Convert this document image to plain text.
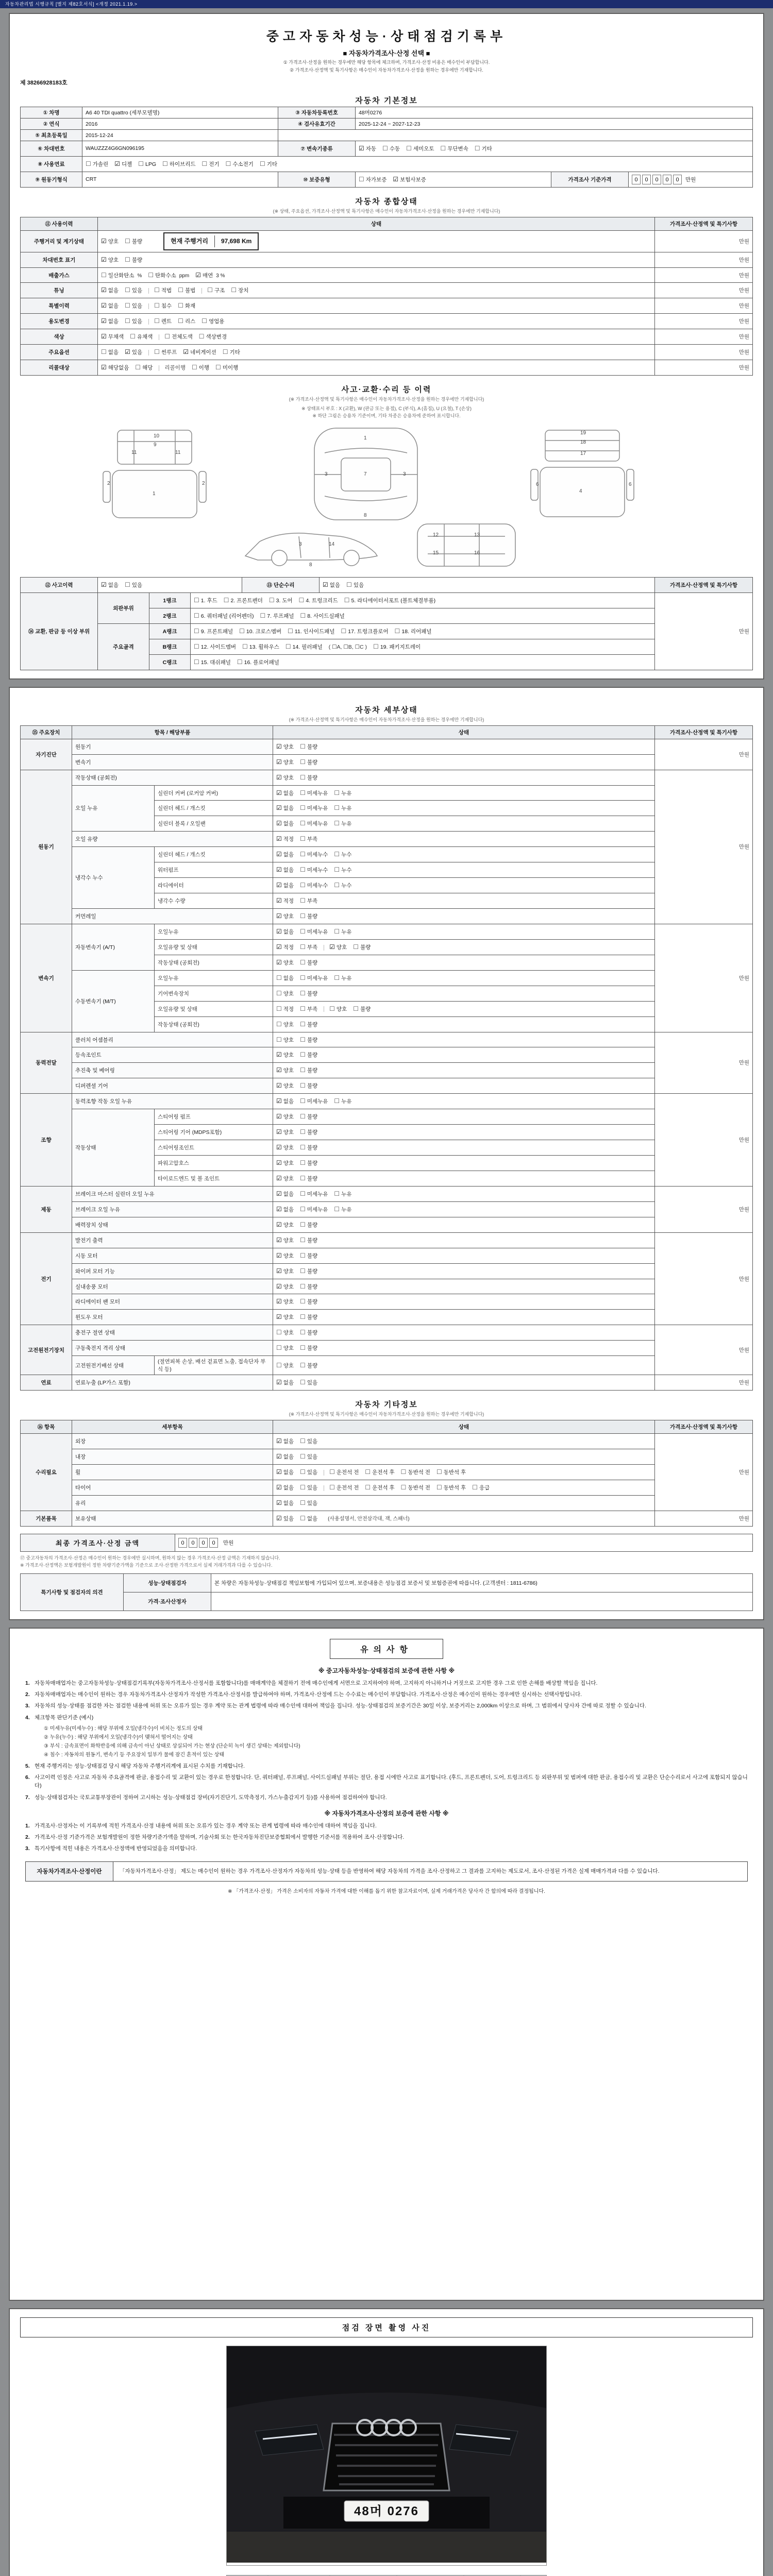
자동차관리법 시행규칙 [별지 제82호서식] <개정 2021.1.19.>
중고자동차성능·상태점검기록부
■ 자동차가격조사·산정 선택 ■
① 가격조사·산정을 원하는 경우에만 해당 항목에 체크하며, 가격조사·산정 비용은 매수인이 부담합니다.
② 가격조사·산정액 및 특기사항은 매수인이 자동차가격조사·산정을 원하는 경우에만 기재합니다.
제 38266928183호
자동차 기본정보
① 차명	A6 40 TDI quattro (세부모델명)	③ 자동차등록번호	48머0276		
② 연식	2016	④ 검사유효기간	2025-12-24 ~ 2027-12-23		
⑤ 최초등록일	2015-12-24				
⑥ 차대번호	WAUZZZ4G6GN096195	⑦ 변속기종류	☑ 자동 ☐ 수동 ☐ 세미오토 ☐ 무단변속 ☐ 기타		
⑧ 사용연료	☐ 가솔린 ☑ 디젤 ☐ LPG ☐ 하이브리드 ☐ 전기 ☐ 수소전기 ☐ 기타				
⑨ 원동기형식	CRT	⑩ 보증유형	☐ 자가보증 ☑ 보험사보증	가격조사 기준가격	0 0 0 0 0 만원
자동차 종합상태
(※ 상태, 주요옵션, 가격조사·산정액 및 특기사항은 매수인이 자동차가격조사·산정을 원하는 경우에만 기재합니다)
⑪ 사용이력	상태	가격조사·산정액 및 특기사항
주행거리 및 계기상태	☑ 양호 ☐ 불량 현재 주행거리 97,698 Km	만원
차대번호 표기	☑ 양호 ☐ 불량	만원
배출가스	☐ 일산화탄소 % ☐ 탄화수소 ppm ☑ 매연 3 %	만원
튜닝	☑ 없음 ☐ 있음 ☐ 적법 ☐ 불법 ☐ 구조 ☐ 장치	만원
특별이력	☑ 없음 ☐ 있음 ☐ 침수 ☐ 화재	만원
용도변경	☑ 없음 ☐ 있음 ☐ 렌트 ☐ 리스 ☐ 영업용	만원
색상	☑ 무채색 ☐ 유채색 ☐ 전체도색 ☐ 색상변경	만원
주요옵션	☐ 없음 ☑ 있음 ☐ 썬루프 ☑ 네비게이션 ☐ 기타	만원
리콜대상	☑ 해당없음 ☐ 해당 리콜이행 ☐ 이행 ☐ 미이행	만원
사고·교환·수리 등 이력
(※ 가격조사·산정액 및 특기사항은 매수인이 자동차가격조사·산정을 원하는 경우에만 기재합니다)
※ 상태표시 부호 : X (교환), W (판금 또는 용접), C (부식), A (흠집), U (요철), T (손상)
※ 하단 그림은 승용차 기준이며, 기타 차종은 승용차에 준하여 표시합니다.
9
11	11
10
1
2	2
7
3	3
1
8
18
17
19
4
6	6
3
8
14
12	13
15	16
⑫ 사고이력	☑ 없음 ☐ 있음	⑬ 단순수리	☑ 없음 ☐ 있음	가격조사·산정액 및 특기사항
⑭ 교환, 판금 등 이상 부위	외판부위	1랭크	☐ 1. 후드 ☐ 2. 프론트펜더 ☐ 3. 도어 ☐ 4. 트렁크리드 ☐ 5. 라디에이터서포트 (볼트체결부품)	만원
		2랭크	☐ 6. 쿼터패널 (리어펜더) ☐ 7. 루프패널 ☐ 8. 사이드실패널	
	주요골격	A랭크	☐ 9. 프론트패널 ☐ 10. 크로스멤버 ☐ 11. 인사이드패널 ☐ 17. 트렁크플로어 ☐ 18. 리어패널	
		B랭크	☐ 12. 사이드멤버 ☐ 13. 휠하우스 ☐ 14. 필러패널 ( ☐A, ☐B, ☐C ) ☐ 19. 패키지트레이	
		C랭크	☐ 15. 대쉬패널 ☐ 16. 플로어패널	
자동차 세부상태
(※ 가격조사·산정액 및 특기사항은 매수인이 자동차가격조사·산정을 원하는 경우에만 기재합니다)
⑮ 주요장치	항목 / 해당부품		상태	가격조사·산정액 및 특기사항
자기진단	원동기		☑ 양호 ☐ 불량	만원
	변속기		☑ 양호 ☐ 불량	
원동기	작동상태 (공회전)		☑ 양호 ☐ 불량	만원
	오일 누유	실린더 커버 (로커암 커버)	☑ 없음 ☐ 미세누유 ☐ 누유	
		실린더 헤드 / 개스킷	☑ 없음 ☐ 미세누유 ☐ 누유	
		실린더 블록 / 오일팬	☑ 없음 ☐ 미세누유 ☐ 누유	
	오일 유량		☑ 적정 ☐ 부족	
	냉각수 누수	실린더 헤드 / 개스킷	☑ 없음 ☐ 미세누수 ☐ 누수	
		워터펌프	☑ 없음 ☐ 미세누수 ☐ 누수	
		라디에이터	☑ 없음 ☐ 미세누수 ☐ 누수	
		냉각수 수량	☑ 적정 ☐ 부족	
	커먼레일		☑ 양호 ☐ 불량	
변속기	자동변속기 (A/T)	오일누유	☑ 없음 ☐ 미세누유 ☐ 누유	만원
		오일유량 및 상태	☑ 적정 ☐ 부족 ☑ 양호 ☐ 불량	
		작동상태 (공회전)	☑ 양호 ☐ 불량	
	수동변속기 (M/T)	오일누유	☐ 없음 ☐ 미세누유 ☐ 누유	
		기어변속장치	☐ 양호 ☐ 불량	
		오일유량 및 상태	☐ 적정 ☐ 부족 ☐ 양호 ☐ 불량	
		작동상태 (공회전)	☐ 양호 ☐ 불량	
동력전달	클러치 어셈블리		☐ 양호 ☐ 불량	만원
	등속조인트		☑ 양호 ☐ 불량	
	추진축 및 베어링		☑ 양호 ☐ 불량	
	디퍼렌셜 기어		☑ 양호 ☐ 불량	
조향	동력조향 작동 오일 누유		☑ 없음 ☐ 미세누유 ☐ 누유	만원
	작동상태	스티어링 펌프	☑ 양호 ☐ 불량	
		스티어링 기어 (MDPS포함)	☑ 양호 ☐ 불량	
		스티어링조인트	☑ 양호 ☐ 불량	
		파워고압호스	☑ 양호 ☐ 불량	
		타이로드엔드 및 볼 조인트	☑ 양호 ☐ 불량	
제동	브레이크 마스터 실린더 오일 누유		☑ 없음 ☐ 미세누유 ☐ 누유	만원
	브레이크 오일 누유		☑ 없음 ☐ 미세누유 ☐ 누유	
	배력장치 상태		☑ 양호 ☐ 불량	
전기	발전기 출력		☑ 양호 ☐ 불량	만원
	시동 모터		☑ 양호 ☐ 불량	
	와이퍼 모터 기능		☑ 양호 ☐ 불량	
	실내송풍 모터		☑ 양호 ☐ 불량	
	라디에이터 팬 모터		☑ 양호 ☐ 불량	
	윈도우 모터		☑ 양호 ☐ 불량	
고전원전기장치	충전구 절연 상태		☐ 양호 ☐ 불량	만원
	구동축전지 격리 상태		☐ 양호 ☐ 불량	
	고전원전기배선 상태	(절연피복 손상, 배선 겉표면 노출, 접속단자 부식 등)	☐ 양호 ☐ 불량	
연료	연료누출 (LP가스 포함)		☑ 없음 ☐ 있음	만원
자동차 기타정보
(※ 가격조사·산정액 및 특기사항은 매수인이 자동차가격조사·산정을 원하는 경우에만 기재합니다)
⑯ 항목	세부항목	상태	가격조사·산정액 및 특기사항
수리필요	외장	☑ 없음 ☐ 있음	만원
	내장	☑ 없음 ☐ 있음	
	휠	☑ 없음 ☐ 있음 ☐ 운전석 전 ☐ 운전석 후 ☐ 동반석 전 ☐ 동반석 후	
	타이어	☑ 없음 ☐ 있음 ☐ 운전석 전 ☐ 운전석 후 ☐ 동반석 전 ☐ 동반석 후 ☐ 응급	
	유리	☑ 없음 ☐ 있음	
기본품목	보유상태	☑ 있음 ☐ 없음 (사용설명서, 안전삼각대, 잭, 스패너)	만원
최종 가격조사·산정 금액	0 0 0 0 만원
⑰ 중고자동차의 가격조사·산정은 매수인이 원하는 경우에만 실시하며, 원하지 않는 경우 가격조사·산정 금액은 기재하지 않습니다.
※ 가격조사·산정액은 보험개발원이 정한 차량기준가액을 기준으로 조사·산정한 가격으로서 실제 거래가격과 다를 수 있습니다.
특기사항 및 점검자의 의견	성능·상태점검자	본 차량은 자동차성능·상태점검 책임보험에 가입되어 있으며, 보증내용은 성능점검 보증서 및 보험증권에 따릅니다. (고객센터 : 1811-6786)
	가격·조사산정자	
유의사항
※ 중고자동차성능·상태점검의 보증에 관한 사항 ※
1. 자동차매매업자는 중고자동차성능·상태점검기록부(자동차가격조사·산정서를 포함합니다)를 매매계약을 체결하기 전에 매수인에게 서면으로 고지하여야 하며, 고지하지 아니하거나 거짓으로 고지한 경우 그로 인한 손해를 배상할 책임을 집니다.
2. 자동차매매업자는 매수인이 원하는 경우 자동차가격조사·산정자가 작성한 가격조사·산정서를 발급하여야 하며, 가격조사·산정에 드는 수수료는 매수인이 부담합니다. 가격조사·산정은 매수인이 원하는 경우에만 실시하는 선택사항입니다.
3. 자동차의 성능·상태를 점검한 자는 점검한 내용에 허위 또는 오류가 있는 경우 계약 또는 관계 법령에 따라 매수인에 대하여 책임을 집니다. 성능·상태점검의 보증기간은 30일 이상, 보증거리는 2,000km 이상으로 하며, 그 범위에서 당사자 간에 따로 정할 수 있습니다.
4. 체크항목 판단기준 (예시)
① 미세누유(미세누수) : 해당 부위에 오일(냉각수)이 비치는 정도의 상태
② 누유(누수) : 해당 부위에서 오일(냉각수)이 맺혀서 떨어지는 상태
③ 부식 : 금속표면이 화학반응에 의해 금속이 아닌 상태로 상실되어 가는 현상 (단순히 녹이 생긴 상태는 제외합니다)
④ 침수 : 자동차의 원동기, 변속기 등 주요장치 일부가 물에 잠긴 흔적이 있는 상태
5. 현재 주행거리는 성능·상태점검 당시 해당 자동차 주행거리계에 표시된 수치를 기재합니다.
6. 사고이력 인정은 사고로 자동차 주요골격에 판금, 용접수리 및 교환이 있는 경우로 한정합니다. 단, 쿼터패널, 루프패널, 사이드실패널 부위는 절단, 용접 시에만 사고로 표기합니다. (후드, 프론트펜더, 도어, 트렁크리드 등 외판부위 및 범퍼에 대한 판금, 용접수리 및 교환은 단순수리로서 사고에 포함되지 않습니다)
7. 성능·상태점검자는 국토교통부장관이 정하여 고시하는 성능·상태점검 장비(자기진단기, 도막측정기, 가스누출감지기 등)를 사용하여 점검하여야 합니다.
※ 자동차가격조사·산정의 보증에 관한 사항 ※
1. 가격조사·산정자는 이 기록부에 적힌 가격조사·산정 내용에 허위 또는 오류가 있는 경우 계약 또는 관계 법령에 따라 매수인에 대하여 책임을 집니다.
2. 가격조사·산정 기준가격은 보험개발원이 정한 차량기준가액을 말하며, 기술사회 또는 한국자동차진단보증협회에서 발행한 기준서를 적용하여 조사·산정합니다.
3. 특기사항에 적힌 내용은 가격조사·산정액에 반영되었음을 의미합니다.
자동차가격조사·산정이란	「자동차가격조사·산정」 제도는 매수인이 원하는 경우 가격조사·산정자가 자동차의 성능·상태 등을 반영하여 해당 자동차의 가격을 조사·산정하고 그 결과를 고지하는 제도로서, 조사·산정된 가격은 실제 매매가격과 다를 수 있습니다.
※ 「가격조사·산정」 가격은 소비자의 자동차 가격에 대한 이해를 돕기 위한 참고자료이며, 실제 거래가격은 당사자 간 합의에 따라 결정됩니다.
점검 장면 촬영 사진
48머 0276
